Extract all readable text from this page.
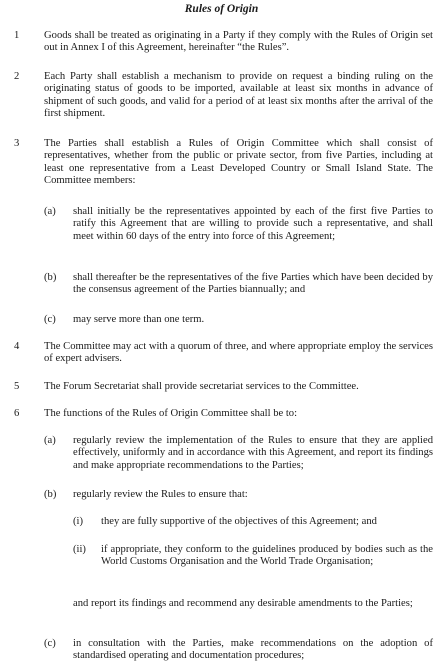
Rules of Origin
1 Goods shall be treated as originating in a Party if they comply with the Rules of Origin set out in Annex I of this Agreement, hereinafter “the Rules”.
2 Each Party shall establish a mechanism to provide on request a binding ruling on the originating status of goods to be imported, available at least six months in advance of shipment of such goods, and valid for a period of at least six months after the arrival of the first shipment.
3 The Parties shall establish a Rules of Origin Committee which shall consist of representatives, whether from the public or private sector, from five Parties, including at least one representative from a Least Developed Country or Small Island State. The Committee members:
(a) shall initially be the representatives appointed by each of the first five Parties to ratify this Agreement that are willing to provide such a representative, and shall meet within 60 days of the entry into force of this Agreement;
(b) shall thereafter be the representatives of the five Parties which have been decided by the consensus agreement of the Parties biannually; and
(c) may serve more than one term.
4 The Committee may act with a quorum of three, and where appropriate employ the services of expert advisers.
5 The Forum Secretariat shall provide secretariat services to the Committee.
6 The functions of the Rules of Origin Committee shall be to:
(a) regularly review the implementation of the Rules to ensure that they are applied effectively, uniformly and in accordance with this Agreement, and report its findings and make appropriate recommendations to the Parties;
(b) regularly review the Rules to ensure that:
(i) they are fully supportive of the objectives of this Agreement; and
(ii) if appropriate, they conform to the guidelines produced by bodies such as the World Customs Organisation and the World Trade Organisation;
and report its findings and recommend any desirable amendments to the Parties;
(c) in consultation with the Parties, make recommendations on the adoption of standardised operating and documentation procedures;
